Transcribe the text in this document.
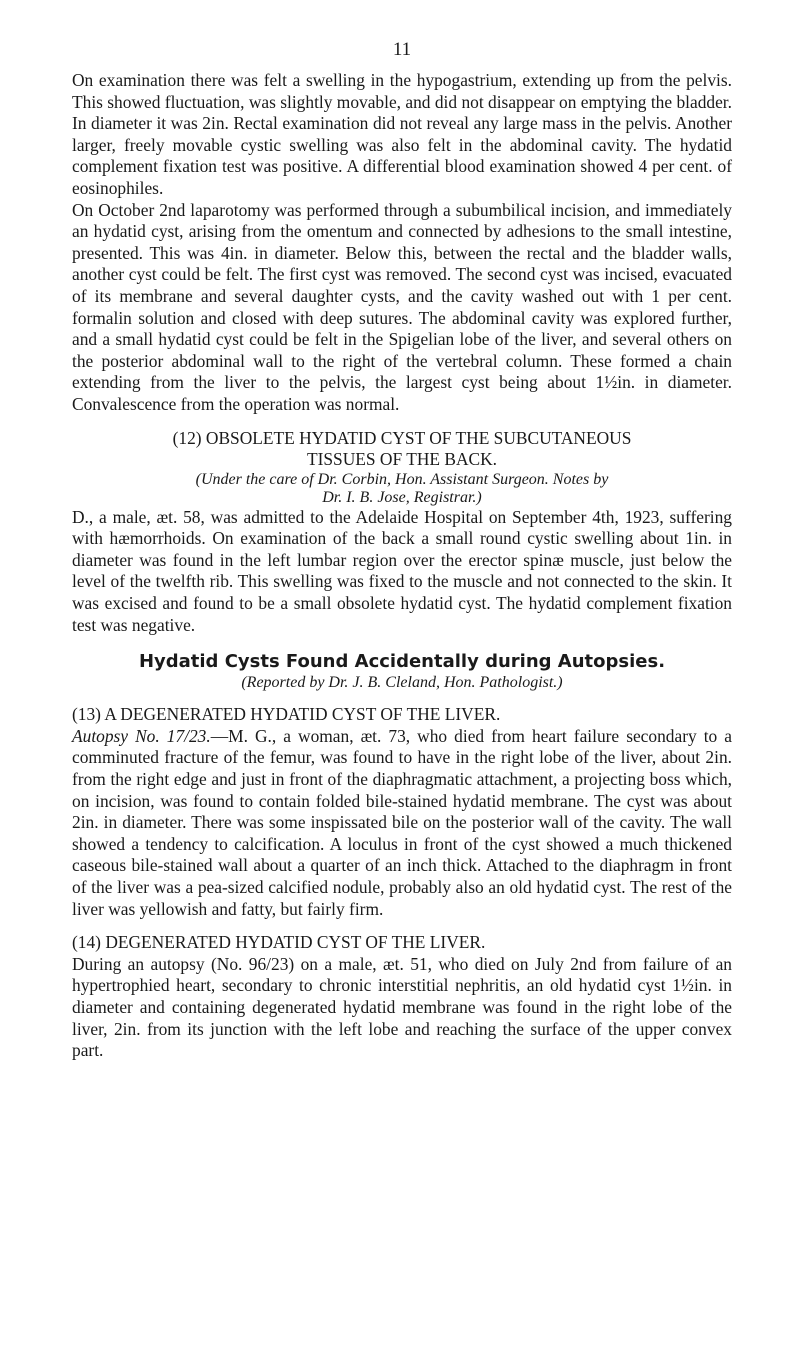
11

On examination there was felt a swelling in the hypogastrium, extending up from the pelvis. This showed fluctuation, was slightly movable, and did not disappear on emptying the bladder. In diameter it was 2in. Rectal examination did not reveal any large mass in the pelvis. Another larger, freely movable cystic swelling was also felt in the abdominal cavity. The hydatid complement fixation test was positive. A differential blood examination showed 4 per cent. of eosinophiles.

On October 2nd laparotomy was performed through a subumbilical incision, and immediately an hydatid cyst, arising from the omentum and connected by adhesions to the small intestine, presented. This was 4in. in diameter. Below this, between the rectal and the bladder walls, another cyst could be felt. The first cyst was removed. The second cyst was incised, evacuated of its membrane and several daughter cysts, and the cavity washed out with 1 per cent. formalin solution and closed with deep sutures. The abdominal cavity was explored further, and a small hydatid cyst could be felt in the Spigelian lobe of the liver, and several others on the posterior abdominal wall to the right of the vertebral column. These formed a chain extending from the liver to the pelvis, the largest cyst being about 1½in. in diameter. Convalescence from the operation was normal.

(12) OBSOLETE HYDATID CYST OF THE SUBCUTANEOUS
TISSUES OF THE BACK.
(Under the care of Dr. Corbin, Hon. Assistant Surgeon. Notes by
Dr. I. B. Jose, Registrar.)

D., a male, æt. 58, was admitted to the Adelaide Hospital on September 4th, 1923, suffering with hæmorrhoids. On examination of the back a small round cystic swelling about 1in. in diameter was found in the left lumbar region over the erector spinæ muscle, just below the level of the twelfth rib. This swelling was fixed to the muscle and not connected to the skin. It was excised and found to be a small obsolete hydatid cyst. The hydatid complement fixation test was negative.

Hydatid Cysts Found Accidentally during Autopsies.
(Reported by Dr. J. B. Cleland, Hon. Pathologist.)
(13) A DEGENERATED HYDATID CYST OF THE LIVER.

Autopsy No. 17/23.—M. G., a woman, æt. 73, who died from heart failure secondary to a comminuted fracture of the femur, was found to have in the right lobe of the liver, about 2in. from the right edge and just in front of the diaphragmatic attachment, a projecting boss which, on incision, was found to contain folded bile-stained hydatid membrane. The cyst was about 2in. in diameter. There was some inspissated bile on the posterior wall of the cavity. The wall showed a tendency to calcification. A loculus in front of the cyst showed a much thickened caseous bile-stained wall about a quarter of an inch thick. Attached to the diaphragm in front of the liver was a pea-sized calcified nodule, probably also an old hydatid cyst. The rest of the liver was yellowish and fatty, but fairly firm.

(14) DEGENERATED HYDATID CYST OF THE LIVER.

During an autopsy (No. 96/23) on a male, æt. 51, who died on July 2nd from failure of an hypertrophied heart, secondary to chronic interstitial nephritis, an old hydatid cyst 1½in. in diameter and containing degenerated hydatid membrane was found in the right lobe of the liver, 2in. from its junction with the left lobe and reaching the surface of the upper convex part.
